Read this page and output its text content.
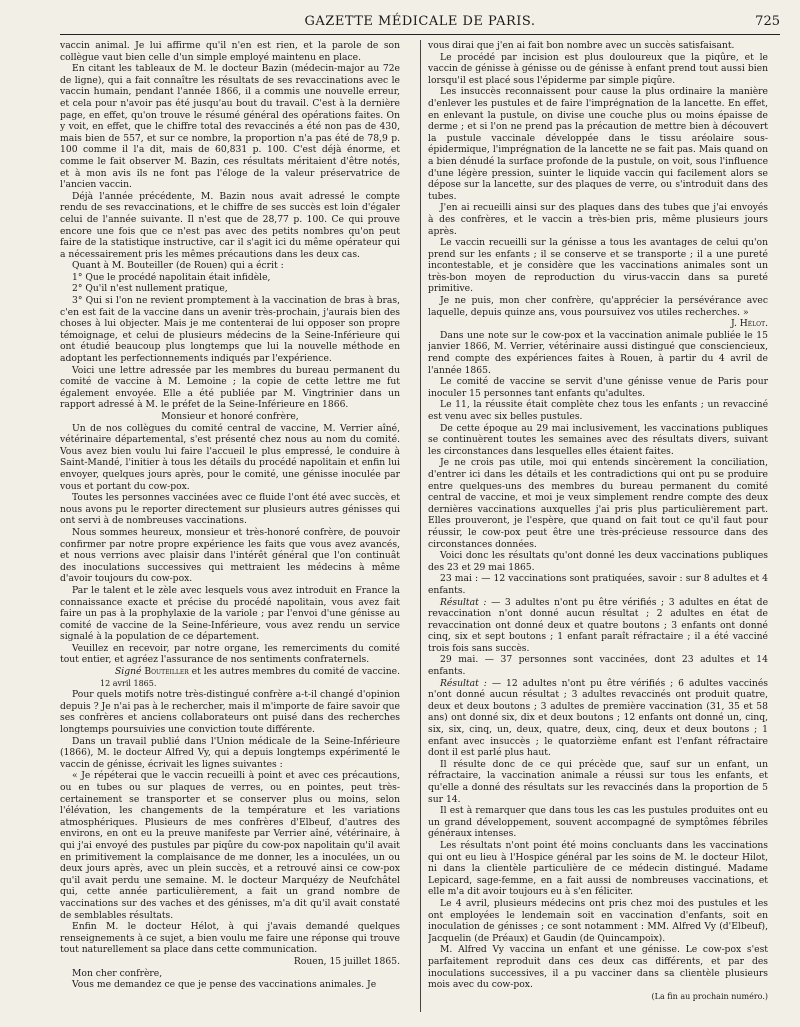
GAZETTE MÉDICALE DE PARIS.	725

vaccin animal. Je lui affirme qu'il n'en est rien, et la parole de son collègue vaut bien celle d'un simple employé maintenu en place.

En citant les tableaux de M. le docteur Bazin (médecin-major au 72e de ligne), qui a fait connaître les résultats de ses revaccinations avec le vaccin humain, pendant l'année 1866, il a commis une nouvelle erreur, et cela pour n'avoir pas été jusqu'au bout du travail. C'est à la dernière page, en effet, qu'on trouve le résumé général des opérations faites. On y voit, en effet, que le chiffre total des revaccinés a été non pas de 430, mais bien de 557, et sur ce nombre, la proportion n'a pas été de 78,9 p. 100 comme il l'a dit, mais de 60,831 p. 100. C'est déjà énorme, et comme le fait observer M. Bazin, ces résultats méritaient d'être notés, et à mon avis ils ne font pas l'éloge de la valeur préservatrice de l'ancien vaccin.

Déjà l'année précédente, M. Bazin nous avait adressé le compte rendu de ses revaccinations, et le chiffre de ses succès est loin d'égaler celui de l'année suivante. Il n'est que de 28,77 p. 100. Ce qui prouve encore une fois que ce n'est pas avec des petits nombres qu'on peut faire de la statistique instructive, car il s'agit ici du même opérateur qui a nécessairement pris les mêmes précautions dans les deux cas.

Quant à M. Bouteiller (de Rouen) qui a écrit :

1° Que le procédé napolitain était infidèle,

2° Qu'il n'est nullement pratique,

3° Qui si l'on ne revient promptement à la vaccination de bras à bras, c'en est fait de la vaccine dans un avenir très-prochain, j'aurais bien des choses à lui objecter. Mais je me contenterai de lui opposer son propre témoignage, et celui de plusieurs médecins de la Seine-Inférieure qui ont étudié beaucoup plus longtemps que lui la nouvelle méthode en adoptant les perfectionnements indiqués par l'expérience.

Voici une lettre adressée par les membres du bureau permanent du comité de vaccine à M. Lemoine ; la copie de cette lettre me fut également envoyée. Elle a été publiée par M. Vingtrinier dans un rapport adressé à M. le préfet de la Seine-Inférieure en 1866.

Monsieur et honoré confrère,

Un de nos collègues du comité central de vaccine, M. Verrier aîné, vétérinaire départemental, s'est présenté chez nous au nom du comité. Vous avez bien voulu lui faire l'accueil le plus empressé, le conduire à Saint-Mandé, l'initier à tous les détails du procédé napolitain et enfin lui envoyer, quelques jours après, pour le comité, une génisse inoculée par vous et portant du cow-pox.

Toutes les personnes vaccinées avec ce fluide l'ont été avec succès, et nous avons pu le reporter directement sur plusieurs autres génisses qui ont servi à de nombreuses vaccinations.

Nous sommes heureux, monsieur et très-honoré confrère, de pouvoir confirmer par notre propre expérience les faits que vous avez avancés, et nous verrions avec plaisir dans l'intérêt général que l'on continuât des inoculations successives qui mettraient les médecins à même d'avoir toujours du cow-pox.

Par le talent et le zèle avec lesquels vous avez introduit en France la connaissance exacte et précise du procédé napolitain, vous avez fait faire un pas à la prophylaxie de la variole ; par l'envoi d'une génisse au comité de vaccine de la Seine-Inférieure, vous avez rendu un service signalé à la population de ce département.

Veuillez en recevoir, par notre organe, les remerciments du comité tout entier, et agréez l'assurance de nos sentiments confraternels.

Signé Bouteiller et les autres membres du comité de vaccine.

12 avril 1865.

Pour quels motifs notre très-distingué confrère a-t-il changé d'opinion depuis ? Je n'ai pas à le rechercher, mais il m'importe de faire savoir que ses confrères et anciens collaborateurs ont puisé dans des recherches longtemps poursuivies une conviction toute différente.

Dans un travail publié dans l'Union médicale de la Seine-Inférieure (1866), M. le docteur Alfred Vy, qui a depuis longtemps expérimenté le vaccin de génisse, écrivait les lignes suivantes :

« Je répéterai que le vaccin recueilli à point et avec ces précautions, ou en tubes ou sur plaques de verres, ou en pointes, peut très-certainement se transporter et se conserver plus ou moins, selon l'élévation, les changements de la température et les variations atmosphériques. Plusieurs de mes confrères d'Elbeuf, d'autres des environs, en ont eu la preuve manifeste par Verrier aîné, vétérinaire, à qui j'ai envoyé des pustules par piqûre du cow-pox napolitain qu'il avait en primitivement la complaisance de me donner, les a inoculées, un ou deux jours après, avec un plein succès, et a retrouvé ainsi ce cow-pox qu'il avait perdu une semaine. M. le docteur Marquézy de Neufchâtel qui, cette année particulièrement, a fait un grand nombre de vaccinations sur des vaches et des génisses, m'a dit qu'il avait constaté de semblables résultats.

Enfin M. le docteur Hélot, à qui j'avais demandé quelques renseignements à ce sujet, a bien voulu me faire une réponse qui trouve tout naturellement sa place dans cette communication.

Rouen, 15 juillet 1865.

Mon cher confrère,

Vous me demandez ce que je pense des vaccinations animales. Je

vous dirai que j'en ai fait bon nombre avec un succès satisfaisant.

Le procédé par incision est plus douloureux que la piqûre, et le vaccin de génisse à génisse ou de génisse à enfant prend tout aussi bien lorsqu'il est placé sous l'épiderme par simple piqûre.

Les insuccès reconnaissent pour cause la plus ordinaire la manière d'enlever les pustules et de faire l'imprégnation de la lancette. En effet, en enlevant la pustule, on divise une couche plus ou moins épaisse de derme ; et si l'on ne prend pas la précaution de mettre bien à découvert la pustule vaccinale développée dans le tissu aréolaire sous-épidermique, l'imprégnation de la lancette ne se fait pas. Mais quand on a bien dénudé la surface profonde de la pustule, on voit, sous l'influence d'une légère pression, suinter le liquide vaccin qui facilement alors se dépose sur la lancette, sur des plaques de verre, ou s'introduit dans des tubes.

J'en ai recueilli ainsi sur des plaques dans des tubes que j'ai envoyés à des confrères, et le vaccin a très-bien pris, même plusieurs jours après.

Le vaccin recueilli sur la génisse a tous les avantages de celui qu'on prend sur les enfants ; il se conserve et se transporte ; il a une pureté incontestable, et je considère que les vaccinations animales sont un très-bon moyen de reproduction du virus-vaccin dans sa pureté primitive.

Je ne puis, mon cher confrère, qu'apprécier la persévérance avec laquelle, depuis quinze ans, vous poursuivez vos utiles recherches. »

J. Hélot.

Dans une note sur le cow-pox et la vaccination animale publiée le 15 janvier 1866, M. Verrier, vétérinaire aussi distingué que consciencieux, rend compte des expériences faites à Rouen, à partir du 4 avril de l'année 1865.

Le comité de vaccine se servit d'une génisse venue de Paris pour inoculer 15 personnes tant enfants qu'adultes.

Le 11, la réussite était complète chez tous les enfants ; un revacciné est venu avec six belles pustules.

De cette époque au 29 mai inclusivement, les vaccinations publiques se continuèrent toutes les semaines avec des résultats divers, suivant les circonstances dans lesquelles elles étaient faites.

Je ne crois pas utile, moi qui entends sincèrement la conciliation, d'entrer ici dans les détails et les contradictions qui ont pu se produire entre quelques-uns des membres du bureau permanent du comité central de vaccine, et moi je veux simplement rendre compte des deux dernières vaccinations auxquelles j'ai pris plus particulièrement part. Elles prouveront, je l'espère, que quand on fait tout ce qu'il faut pour réussir, le cow-pox peut être une très-précieuse ressource dans des circonstances données.

Voici donc les résultats qu'ont donné les deux vaccinations publiques des 23 et 29 mai 1865.

23 mai : — 12 vaccinations sont pratiquées, savoir : sur 8 adultes et 4 enfants.

Résultat : — 3 adultes n'ont pu être vérifiés ; 3 adultes en état de revaccination n'ont donné aucun résultat ; 2 adultes en état de revaccination ont donné deux et quatre boutons ; 3 enfants ont donné cinq, six et sept boutons ; 1 enfant paraît réfractaire ; il a été vacciné trois fois sans succès.

29 mai. — 37 personnes sont vaccinées, dont 23 adultes et 14 enfants.

Résultat : — 12 adultes n'ont pu être vérifiés ; 6 adultes vaccinés n'ont donné aucun résultat ; 3 adultes revaccinés ont produit quatre, deux et deux boutons ; 3 adultes de première vaccination (31, 35 et 58 ans) ont donné six, dix et deux boutons ; 12 enfants ont donné un, cinq, six, six, cinq, un, deux, quatre, deux, cinq, deux et deux boutons ; 1 enfant avec insuccès ; le quatorzième enfant est l'enfant réfractaire dont il est parlé plus haut.

Il résulte donc de ce qui précède que, sauf sur un enfant, un réfractaire, la vaccination animale a réussi sur tous les enfants, et qu'elle a donné des résultats sur les revaccinés dans la proportion de 5 sur 14.

Il est à remarquer que dans tous les cas les pustules produites ont eu un grand développement, souvent accompagné de symptômes fébriles généraux intenses.

Les résultats n'ont point été moins concluants dans les vaccinations qui ont eu lieu à l'Hospice général par les soins de M. le docteur Hilot, ni dans la clientèle particulière de ce médecin distingué. Madame Lepicard, sage-femme, en a fait aussi de nombreuses vaccinations, et elle m'a dit avoir toujours eu à s'en féliciter.

Le 4 avril, plusieurs médecins ont pris chez moi des pustules et les ont employées le lendemain soit en vaccination d'enfants, soit en inoculation de génisses ; ce sont notamment : MM. Alfred Vy (d'Elbeuf), Jacquelin (de Préaux) et Gaudin (de Quincampoix).

M. Alfred Vy vaccina un enfant et une génisse. Le cow-pox s'est parfaitement reproduit dans ces deux cas différents, et par des inoculations successives, il a pu vacciner dans sa clientèle plusieurs mois avec du cow-pox.

(La fin au prochain numéro.)
